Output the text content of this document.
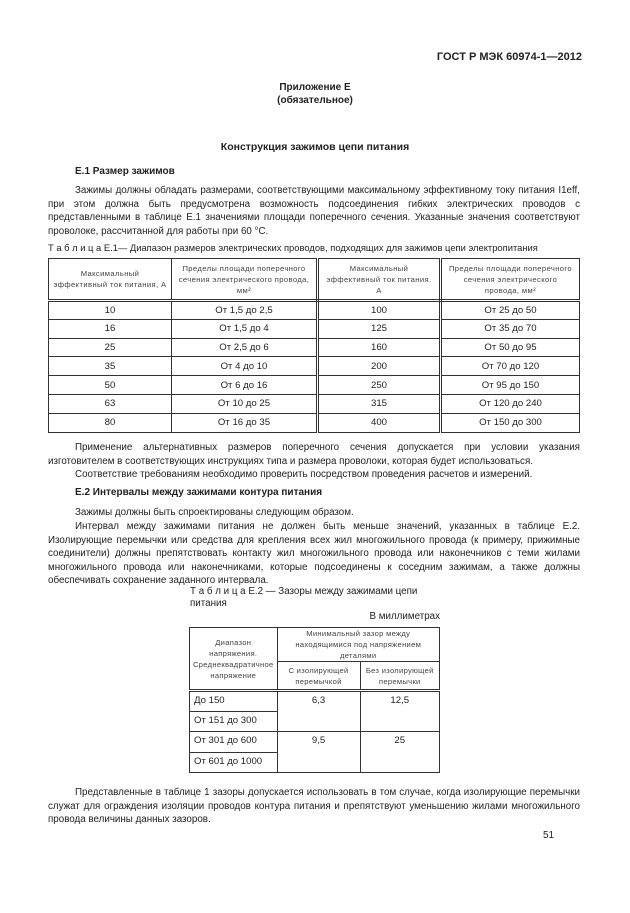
ГОСТ Р МЭК 60974-1—2012
Приложение Е
(обязательное)
Конструкция зажимов цепи питания
Е.1 Размер зажимов

Зажимы должны обладать размерами, соответствующими максимальному эффективному току питания I1eff, при этом должна быть предусмотрена возможность подсоединения гибких электрических проводов с представленными в таблице Е.1 значениями площади поперечного сечения. Указанные значения соответствуют проволоке, рассчитанной для работы при 60 °C.

Т а б л и ц а Е.1— Диапазон размеров электрических проводов, подходящих для зажимов цепи электропитания
Максимальный эффективный ток питания, А	Пределы площади поперечного сечения электрического провода, мм²	Максимальный эффективный ток питания. А	Пределы площади поперечного сечения электрического провода, мм²
10	От 1,5 до 2,5	100	От 25 до 50
16	От 1,5 до 4	125	От 35 до 70
25	От 2,5 до 6	160	От 50 до 95
35	От 4 до 10	200	От 70 до 120
50	От 6 до 16	250	От 95 до 150
63	От 10 до 25	315	От 120 до 240
80	От 16 до 35	400	От 150 до 300

Применение альтернативных размеров поперечного сечения допускается при условии указания изготовителем в соответствующих инструкциях типа и размера проволоки, которая будет использоваться.

Соответствие требованиям необходимо проверить посредством проведения расчетов и измерений.

Е.2 Интервалы между зажимами контура питания

Зажимы должны быть спроектированы следующим образом.

Интервал между зажимами питания не должен быть меньше значений, указанных в таблице Е.2. Изолирующие перемычки или средства для крепления всех жил многожильного провода (к примеру, прижимные соединители) должны препятствовать контакту жил многожильного провода или наконечников с теми жилами многожильного провода или наконечниками, которые подсоединены к соседним зажимам, а также должны обеспечивать сохранение заданного интервала.

Т а б л и ц а Е.2 — Зазоры между зажимами цепи питания
В миллиметрах
Диапазон напряжения. Среднеквадратичное напряжение	Минимальный зазор между находящимися под напряжением деталями	
	С изолирующей перемычкой	Без изолирующей перемычки
До 150	6,3	12,5
От 151 до 300		
От 301 до 600	9,5	25
От 601 до 1000		

Представленные в таблице 1 зазоры допускается использовать в том случае, когда изолирующие перемычки служат для ограждения изоляции проводов контура питания и препятствуют уменьшению жилами многожильного провода величины данных зазоров.

51
